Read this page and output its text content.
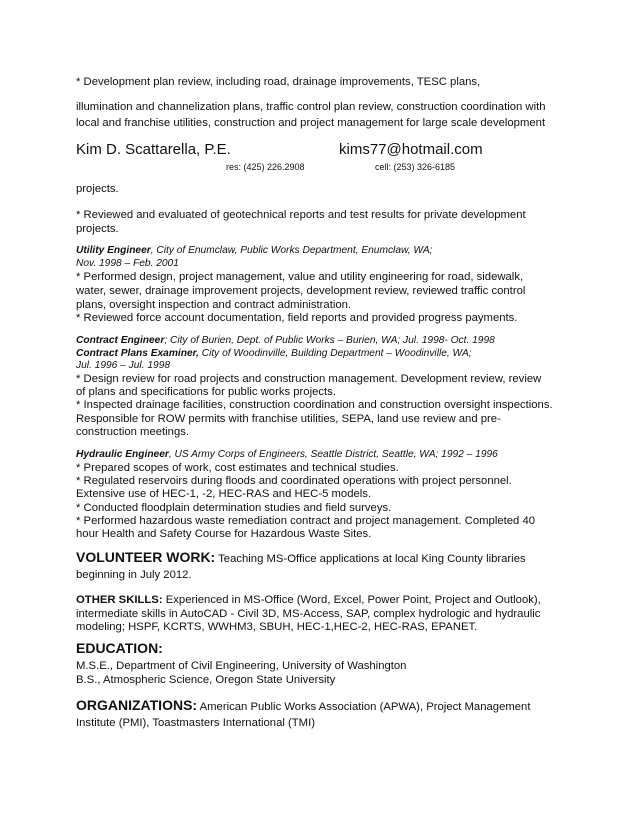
* Development plan review, including road, drainage improvements, TESC plans,
illumination and channelization plans, traffic control plan review, construction coordination with
local and franchise utilities, construction and project management for large scale development
Kim D. Scattarella, P.E.	kims77@hotmail.com
res: (425) 226.2908	cell: (253) 326-6185
projects.
* Reviewed and evaluated of geotechnical reports and test results for private development
projects.
Utility Engineer, City of Enumclaw, Public Works Department, Enumclaw, WA;
Nov. 1998 – Feb. 2001
* Performed design, project management, value and utility engineering for road, sidewalk,
water, sewer, drainage improvement projects, development review, reviewed traffic control
plans, oversight inspection and contract administration.
* Reviewed force account documentation, field reports and provided progress payments.
Contract Engineer; City of Burien, Dept. of Public Works – Burien, WA; Jul. 1998- Oct. 1998
Contract Plans Examiner, City of Woodinville, Building Department – Woodinville, WA;
Jul. 1996 – Jul. 1998
* Design review for road projects and construction management. Development review, review
of plans and specifications for public works projects.
* Inspected drainage facilities, construction coordination and construction oversight inspections.
Responsible for ROW permits with franchise utilities, SEPA, land use review and pre-
construction meetings.
Hydraulic Engineer, US Army Corps of Engineers, Seattle District, Seattle, WA; 1992 – 1996
* Prepared scopes of work, cost estimates and technical studies.
* Regulated reservoirs during floods and coordinated operations with project personnel.
Extensive use of HEC-1, -2, HEC-RAS and HEC-5 models.
* Conducted floodplain determination studies and field surveys.
* Performed hazardous waste remediation contract and project management. Completed 40
hour Health and Safety Course for Hazardous Waste Sites.
VOLUNTEER WORK: Teaching MS-Office applications at local King County libraries
beginning in July 2012.
OTHER SKILLS: Experienced in MS-Office (Word, Excel, Power Point, Project and Outlook),
intermediate skills in AutoCAD - Civil 3D, MS-Access, SAP, complex hydrologic and hydraulic
modeling; HSPF, KCRTS, WWHM3, SBUH, HEC-1,HEC-2, HEC-RAS, EPANET.
EDUCATION:
M.S.E., Department of Civil Engineering, University of Washington
B.S., Atmospheric Science, Oregon State University
ORGANIZATIONS: American Public Works Association (APWA), Project Management
Institute (PMI), Toastmasters International (TMI)
